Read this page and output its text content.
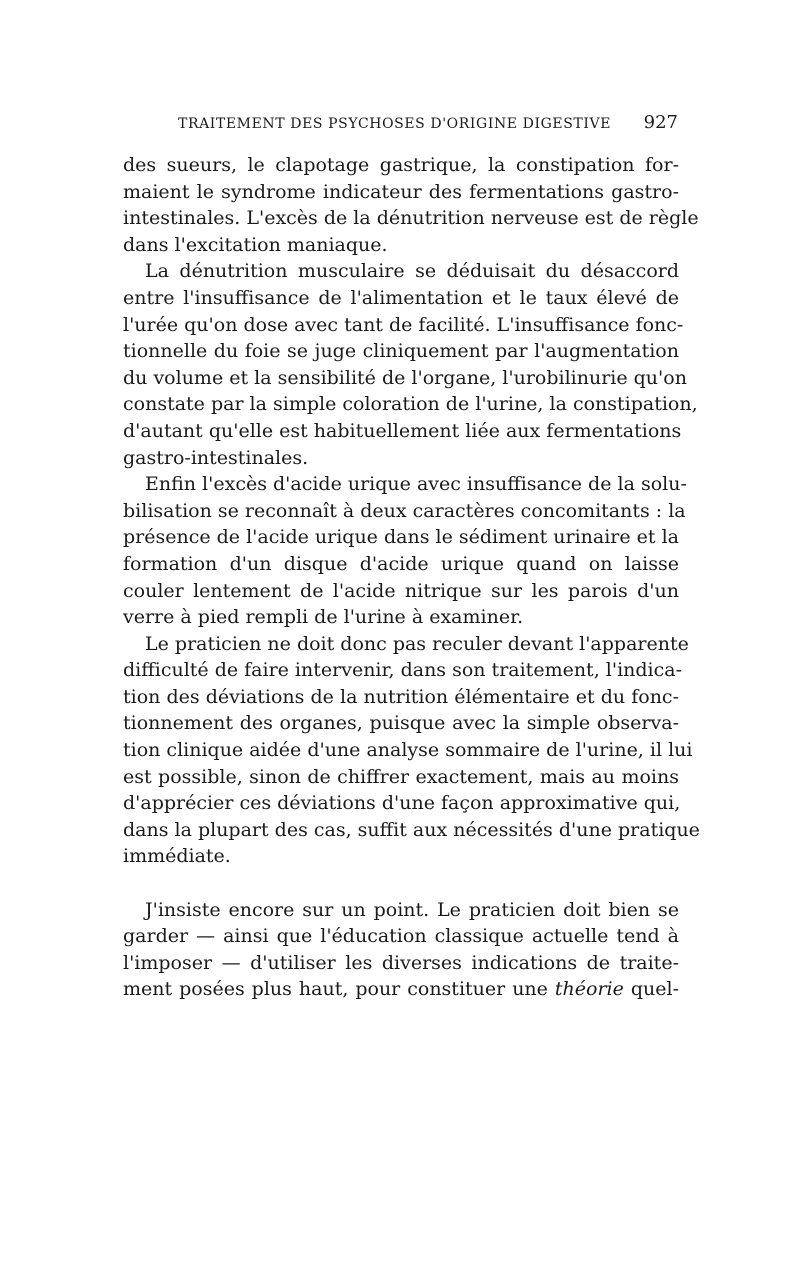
TRAITEMENT DES PSYCHOSES D'ORIGINE DIGESTIVE 927
des sueurs, le clapotage gastrique, la constipation for-
maient le syndrome indicateur des fermentations gastro-
intestinales. L'excès de la dénutrition nerveuse est de règle
dans l'excitation maniaque.
La dénutrition musculaire se déduisait du désaccord
entre l'insuffisance de l'alimentation et le taux élevé de
l'urée qu'on dose avec tant de facilité. L'insuffisance fonc-
tionnelle du foie se juge cliniquement par l'augmentation
du volume et la sensibilité de l'organe, l'urobilinurie qu'on
constate par la simple coloration de l'urine, la constipation,
d'autant qu'elle est habituellement liée aux fermentations
gastro-intestinales.
Enfin l'excès d'acide urique avec insuffisance de la solu-
bilisation se reconnaît à deux caractères concomitants : la
présence de l'acide urique dans le sédiment urinaire et la
formation d'un disque d'acide urique quand on laisse
couler lentement de l'acide nitrique sur les parois d'un
verre à pied rempli de l'urine à examiner.
Le praticien ne doit donc pas reculer devant l'apparente
difficulté de faire intervenir, dans son traitement, l'indica-
tion des déviations de la nutrition élémentaire et du fonc-
tionnement des organes, puisque avec la simple observa-
tion clinique aidée d'une analyse sommaire de l'urine, il lui
est possible, sinon de chiffrer exactement, mais au moins
d'apprécier ces déviations d'une façon approximative qui,
dans la plupart des cas, suffit aux nécessités d'une pratique
immédiate.
J'insiste encore sur un point. Le praticien doit bien se
garder — ainsi que l'éducation classique actuelle tend à
l'imposer — d'utiliser les diverses indications de traite-
ment posées plus haut, pour constituer une théorie quel-
